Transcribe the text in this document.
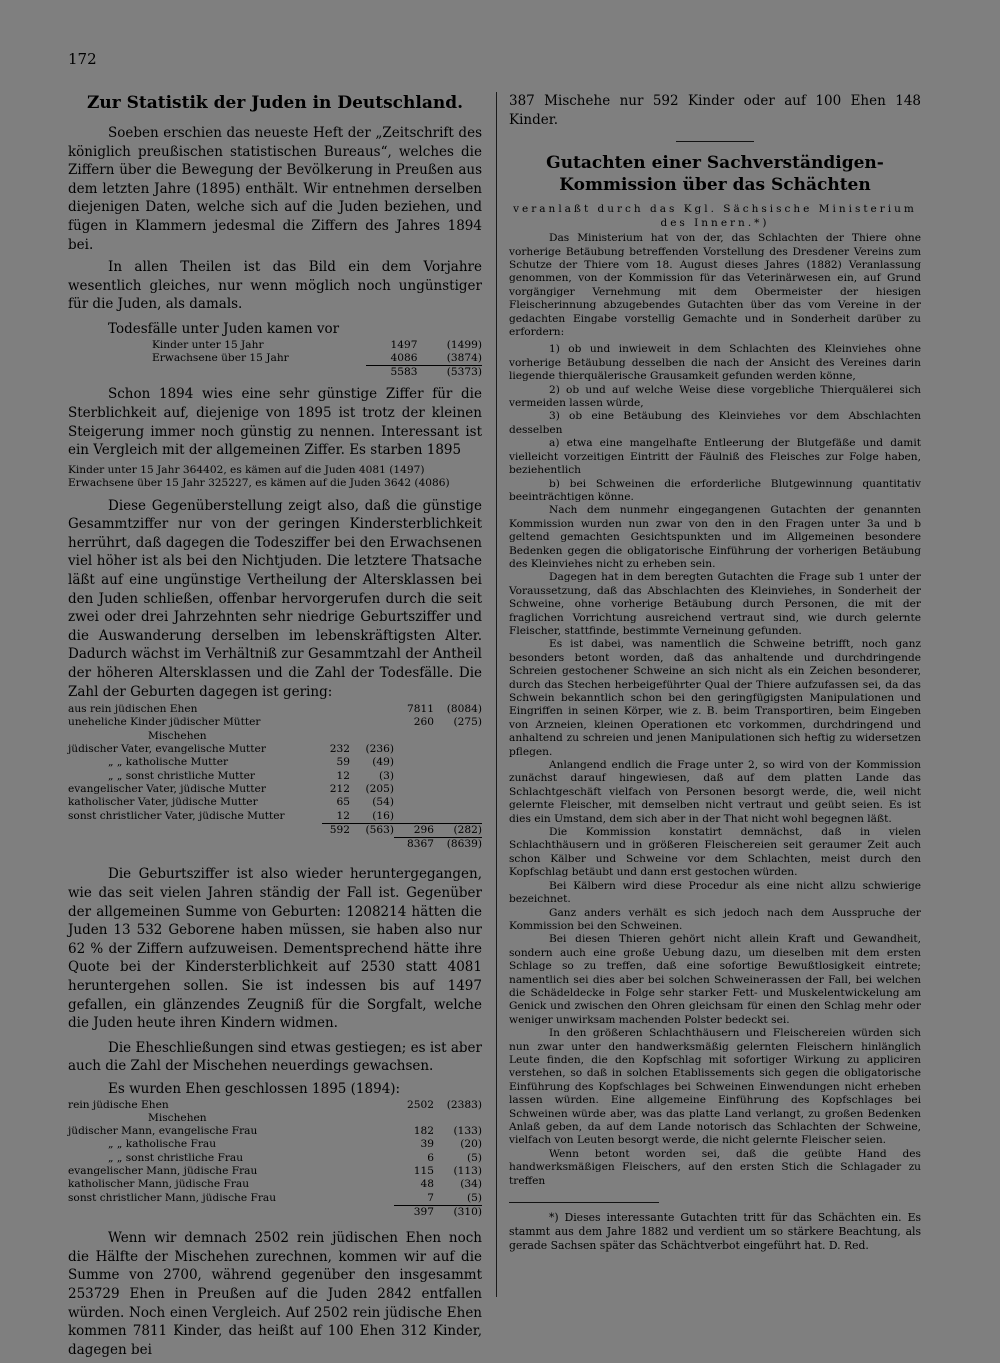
172
Zur Statistik der Juden in Deutschland.

Soeben erschien das neueste Heft der „Zeitschrift des königlich preußischen statistischen Bureaus“, welches die Ziffern über die Bewegung der Bevölkerung in Preußen aus dem letzten Jahre (1895) enthält. Wir entnehmen derselben diejenigen Daten, welche sich auf die Juden beziehen, und fügen in Klammern jedesmal die Ziffern des Jahres 1894 bei.

In allen Theilen ist das Bild ein dem Vorjahre wesentlich gleiches, nur wenn möglich noch ungünstiger für die Juden, als damals.

Todesfälle unter Juden kamen vor

Kinder unter 15 Jahr	1497	(1499)
Erwachsene über 15 Jahr	4086	(3874)
	5583	(5373)

Schon 1894 wies eine sehr günstige Ziffer für die Sterblichkeit auf, diejenige von 1895 ist trotz der kleinen Steigerung immer noch günstig zu nennen. Interessant ist ein Vergleich mit der allgemeinen Ziffer. Es starben 1895

Kinder unter 15 Jahr 364402, es kämen auf die Juden 4081 (1497)
Erwachsene über 15 Jahr 325227, es kämen auf die Juden 3642 (4086)

Diese Gegenüberstellung zeigt also, daß die günstige Gesammtziffer nur von der geringen Kindersterblichkeit herrührt, daß dagegen die Todesziffer bei den Erwachsenen viel höher ist als bei den Nichtjuden. Die letztere Thatsache läßt auf eine ungünstige Vertheilung der Altersklassen bei den Juden schließen, offenbar hervorgerufen durch die seit zwei oder drei Jahrzehnten sehr niedrige Geburtsziffer und die Auswanderung derselben im lebenskräftigsten Alter. Dadurch wächst im Verhältniß zur Gesammtzahl der Antheil der höheren Altersklassen und die Zahl der Todesfälle. Die Zahl der Geburten dagegen ist gering:

aus rein jüdischen Ehen			7811	(8084)
uneheliche Kinder jüdischer Mütter			260	(275)
Mischehen				
jüdischer Vater, evangelische Mutter	232	(236)		
„ „ katholische Mutter	59	(49)		
„ „ sonst christliche Mutter	12	(3)		
evangelischer Vater, jüdische Mutter	212	(205)		
katholischer Vater, jüdische Mutter	65	(54)		
sonst christlicher Vater, jüdische Mutter	12	(16)		
	592	(563)	296	(282)
			8367	(8639)

Die Geburtsziffer ist also wieder heruntergegangen, wie das seit vielen Jahren ständig der Fall ist. Gegenüber der allgemeinen Summe von Geburten: 1208214 hätten die Juden 13 532 Geborene haben müssen, sie haben also nur 62 % der Ziffern aufzuweisen. Dementsprechend hätte ihre Quote bei der Kindersterblichkeit auf 2530 statt 4081 heruntergehen sollen. Sie ist indessen bis auf 1497 gefallen, ein glänzendes Zeugniß für die Sorgfalt, welche die Juden heute ihren Kindern widmen.

Die Eheschließungen sind etwas gestiegen; es ist aber auch die Zahl der Mischehen neuerdings gewachsen.

Es wurden Ehen geschlossen 1895 (1894):

rein jüdische Ehen	2502	(2383)
Mischehen		
jüdischer Mann, evangelische Frau	182	(133)
„ „ katholische Frau	39	(20)
„ „ sonst christliche Frau	6	(5)
evangelischer Mann, jüdische Frau	115	(113)
katholischer Mann, jüdische Frau	48	(34)
sonst christlicher Mann, jüdische Frau	7	(5)
	397	(310)

Wenn wir demnach 2502 rein jüdischen Ehen noch die Hälfte der Mischehen zurechnen, kommen wir auf die Summe von 2700, während gegenüber den insgesammt 253729 Ehen in Preußen auf die Juden 2842 entfallen würden. Noch einen Vergleich. Auf 2502 rein jüdische Ehen kommen 7811 Kinder, das heißt auf 100 Ehen 312 Kinder, dagegen bei

387 Mischehe nur 592 Kinder oder auf 100 Ehen 148 Kinder.

Gutachten einer Sachverständigen-Kommission über das Schächten
veranlaßt durch das Kgl. Sächsische Ministerium des Innern.*)

Das Ministerium hat von der, das Schlachten der Thiere ohne vorherige Betäubung betreffenden Vorstellung des Dresdener Vereins zum Schutze der Thiere vom 18. August dieses Jahres (1882) Veranlassung genommen, von der Kommission für das Veterinärwesen ein, auf Grund vorgängiger Vernehmung mit dem Obermeister der hiesigen Fleischerinnung abzugebendes Gutachten über das vom Vereine in der gedachten Eingabe vorstellig Gemachte und in Sonderheit darüber zu erfordern:

1) ob und inwieweit in dem Schlachten des Kleinviehes ohne vorherige Betäubung desselben die nach der Ansicht des Vereines darin liegende thierquälerische Grausamkeit gefunden werden könne,

2) ob und auf welche Weise diese vorgebliche Thierquälerei sich vermeiden lassen würde,

3) ob eine Betäubung des Kleinviehes vor dem Abschlachten desselben

a) etwa eine mangelhafte Entleerung der Blutgefäße und damit vielleicht vorzeitigen Eintritt der Fäulniß des Fleisches zur Folge haben, beziehentlich

b) bei Schweinen die erforderliche Blutgewinnung quantitativ beeinträchtigen könne.

Nach dem nunmehr eingegangenen Gutachten der genannten Kommission wurden nun zwar von den in den Fragen unter 3a und b geltend gemachten Gesichtspunkten und im Allgemeinen besondere Bedenken gegen die obligatorische Einführung der vorherigen Betäubung des Kleinviehes nicht zu erheben sein.

Dagegen hat in dem beregten Gutachten die Frage sub 1 unter der Voraussetzung, daß das Abschlachten des Kleinviehes, in Sonderheit der Schweine, ohne vorherige Betäubung durch Personen, die mit der fraglichen Vorrichtung ausreichend vertraut sind, wie durch gelernte Fleischer, stattfinde, bestimmte Verneinung gefunden.

Es ist dabei, was namentlich die Schweine betrifft, noch ganz besonders betont worden, daß das anhaltende und durchdringende Schreien gestochener Schweine an sich nicht als ein Zeichen besonderer, durch das Stechen herbeigeführter Qual der Thiere aufzufassen sei, da das Schwein bekanntlich schon bei den geringfügigsten Manipulationen und Eingriffen in seinen Körper, wie z. B. beim Transportiren, beim Eingeben von Arzneien, kleinen Operationen etc vorkommen, durchdringend und anhaltend zu schreien und jenen Manipulationen sich heftig zu widersetzen pflegen.

Anlangend endlich die Frage unter 2, so wird von der Kommission zunächst darauf hingewiesen, daß auf dem platten Lande das Schlachtgeschäft vielfach von Personen besorgt werde, die, weil nicht gelernte Fleischer, mit demselben nicht vertraut und geübt seien. Es ist dies ein Umstand, dem sich aber in der That nicht wohl begegnen läßt.

Die Kommission konstatirt demnächst, daß in vielen Schlachthäusern und in größeren Fleischereien seit geraumer Zeit auch schon Kälber und Schweine vor dem Schlachten, meist durch den Kopfschlag betäubt und dann erst gestochen würden.

Bei Kälbern wird diese Procedur als eine nicht allzu schwierige bezeichnet.

Ganz anders verhält es sich jedoch nach dem Ausspruche der Kommission bei den Schweinen.

Bei diesen Thieren gehört nicht allein Kraft und Gewandheit, sondern auch eine große Uebung dazu, um dieselben mit dem ersten Schlage so zu treffen, daß eine sofortige Bewußtlosigkeit eintrete; namentlich sei dies aber bei solchen Schweinerassen der Fall, bei welchen die Schädeldecke in Folge sehr starker Fett- und Muskelentwickelung am Genick und zwischen den Ohren gleichsam für einen den Schlag mehr oder weniger unwirksam machenden Polster bedeckt sei.

In den größeren Schlachthäusern und Fleischereien würden sich nun zwar unter den handwerksmäßig gelernten Fleischern hinlänglich Leute finden, die den Kopfschlag mit sofortiger Wirkung zu appliciren verstehen, so daß in solchen Etablissements sich gegen die obligatorische Einführung des Kopfschlages bei Schweinen Einwendungen nicht erheben lassen würden. Eine allgemeine Einführung des Kopfschlages bei Schweinen würde aber, was das platte Land verlangt, zu großen Bedenken Anlaß geben, da auf dem Lande notorisch das Schlachten der Schweine, vielfach von Leuten besorgt werde, die nicht gelernte Fleischer seien.

Wenn betont worden sei, daß die geübte Hand des handwerksmäßigen Fleischers, auf den ersten Stich die Schlagader zu treffen

*) Dieses interessante Gutachten tritt für das Schächten ein. Es stammt aus dem Jahre 1882 und verdient um so stärkere Beachtung, als gerade Sachsen später das Schächtverbot eingeführt hat. D. Red.
